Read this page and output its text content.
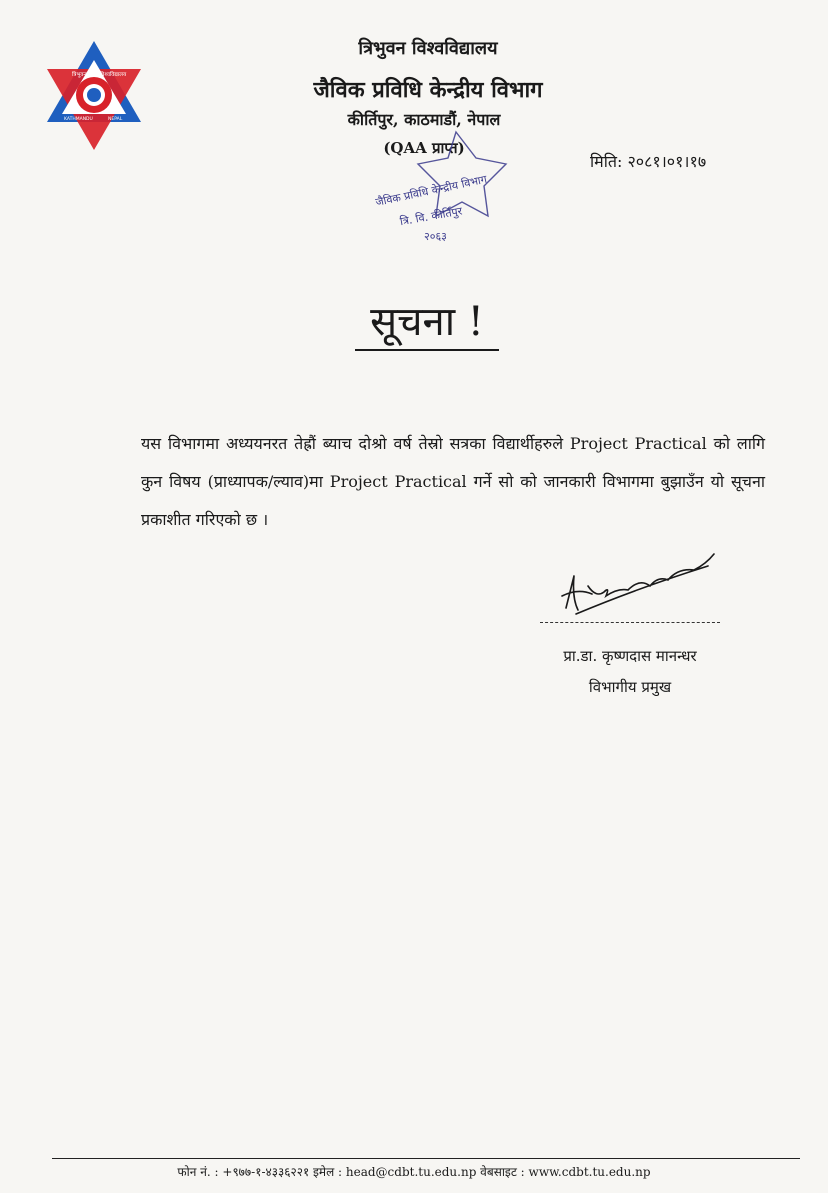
त्रिभुवन विश्वविद्यालय
KATHMANDU	NEPAL

त्रिभुवन विश्वविद्यालय

जैविक प्रविधि केन्द्रीय विभाग

कीर्तिपुर, काठमाडौं, नेपाल

(QAA प्राप्त)

जैविक प्रविधि केन्द्रीय विभाग
त्रि. वि. कीर्तिपुर
२०६३
मिति: २०८१।०१।१७
सूचना !

यस विभागमा अध्ययनरत तेह्रौं ब्याच दोश्रो वर्ष तेस्रो सत्रका विद्यार्थीहरुले Project Practical को लागि कुन विषय (प्राध्यापक/ल्याव)मा Project Practical गर्ने सो को जानकारी विभागमा बुझाउँन यो सूचना प्रकाशीत गरिएको छ ।

प्रा.डा. कृष्णदास मानन्धर
विभागीय प्रमुख
फोन नं. : +९७७-१-४३३६२२१ इमेल : head@cdbt.tu.edu.np वेबसाइट : www.cdbt.tu.edu.np
